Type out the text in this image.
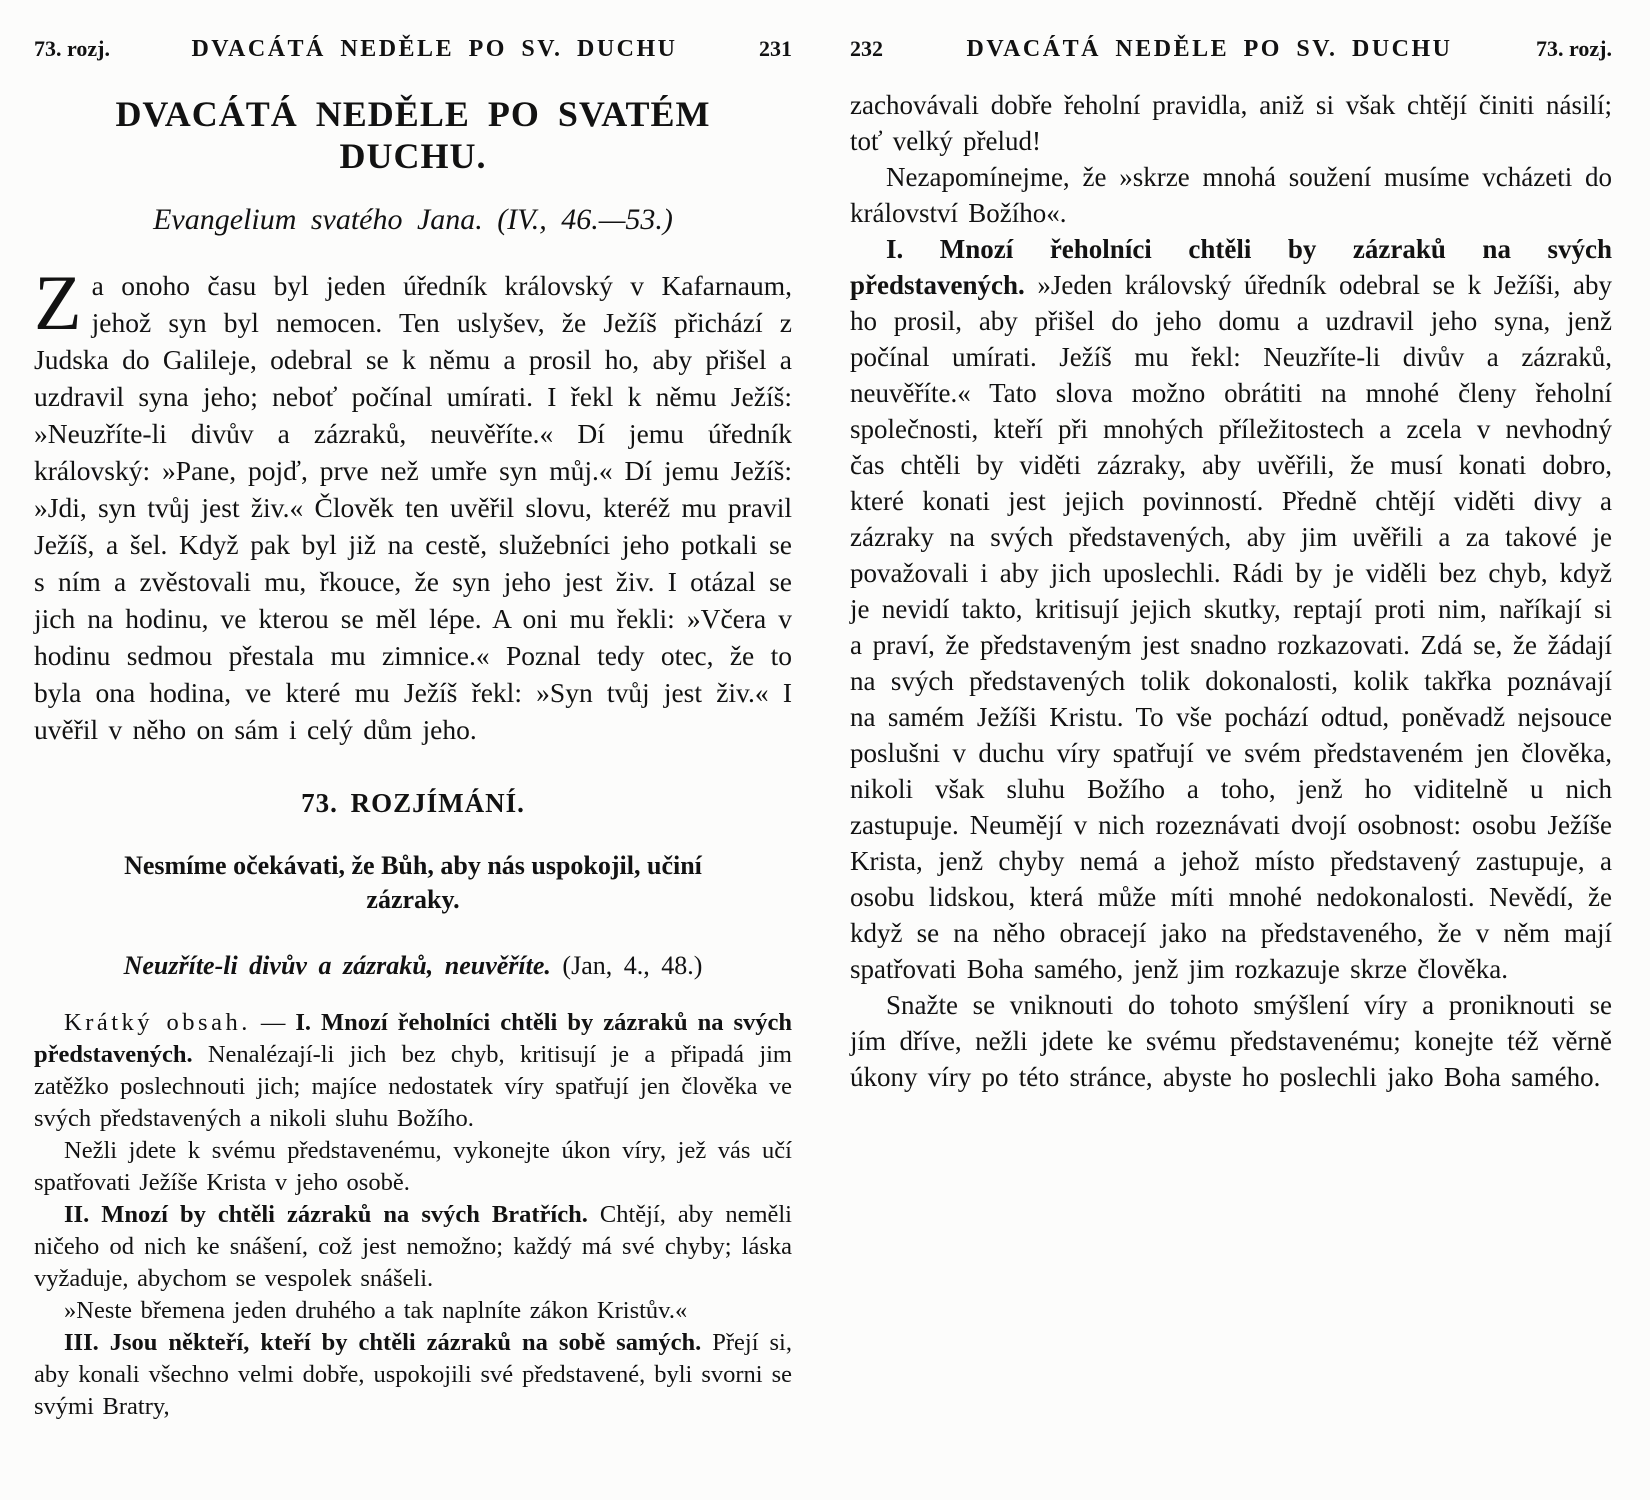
73. rozj.	DVACÁTÁ NEDĚLE PO SV. DUCHU	231
DVACÁTÁ NEDĚLE PO SVATÉM DUCHU.
Evangelium svatého Jana. (IV., 46.—53.)

Za onoho času byl jeden úředník královský v Kafarnaum, jehož syn byl nemocen. Ten uslyšev, že Ježíš přichází z Judska do Galileje, odebral se k němu a prosil ho, aby přišel a uzdravil syna jeho; neboť počínal umírati. I řekl k němu Ježíš: »Neuzříte-li divův a zázraků, neuvěříte.« Dí jemu úředník královský: »Pane, pojď, prve než umře syn můj.« Dí jemu Ježíš: »Jdi, syn tvůj jest živ.« Člověk ten uvěřil slovu, kteréž mu pravil Ježíš, a šel. Když pak byl již na cestě, služebníci jeho potkali se s ním a zvěstovali mu, řkouce, že syn jeho jest živ. I otázal se jich na hodinu, ve kterou se měl lépe. A oni mu řekli: »Včera v hodinu sedmou přestala mu zimnice.« Poznal tedy otec, že to byla ona hodina, ve které mu Ježíš řekl: »Syn tvůj jest živ.« I uvěřil v něho on sám i celý dům jeho.

73. ROZJÍMÁNÍ.
Nesmíme očekávati, že Bůh, aby nás uspokojil, učiní zázraky.
Neuzříte-li divův a zázraků, neuvěříte. (Jan, 4., 48.)

Krátký obsah. — I. Mnozí řeholníci chtěli by zázraků na svých představených. Nenalézají-li jich bez chyb, kritisují je a připadá jim zatěžko poslechnouti jich; majíce nedostatek víry spatřují jen člověka ve svých představených a nikoli sluhu Božího.

Nežli jdete k svému představenému, vykonejte úkon víry, jež vás učí spatřovati Ježíše Krista v jeho osobě.

II. Mnozí by chtěli zázraků na svých Bratřích. Chtějí, aby neměli ničeho od nich ke snášení, což jest nemožno; každý má své chyby; láska vyžaduje, abychom se vespolek snášeli.

»Neste břemena jeden druhého a tak naplníte zákon Kristův.«

III. Jsou někteří, kteří by chtěli zázraků na sobě samých. Přejí si, aby konali všechno velmi dobře, uspokojili své představené, byli svorni se svými Bratry,

232	DVACÁTÁ NEDĚLE PO SV. DUCHU	73. rozj.

zachovávali dobře řeholní pravidla, aniž si však chtějí činiti násilí; toť velký přelud!

Nezapomínejme, že »skrze mnohá soužení musíme vcházeti do království Božího«.

I. Mnozí řeholníci chtěli by zázraků na svých představených. »Jeden královský úředník odebral se k Ježíši, aby ho prosil, aby přišel do jeho domu a uzdravil jeho syna, jenž počínal umírati. Ježíš mu řekl: Neuzříte-li divův a zázraků, neuvěříte.« Tato slova možno obrátiti na mnohé členy řeholní společnosti, kteří při mnohých příležitostech a zcela v nevhodný čas chtěli by viděti zázraky, aby uvěřili, že musí konati dobro, které konati jest jejich povinností. Předně chtějí viděti divy a zázraky na svých představených, aby jim uvěřili a za takové je považovali i aby jich uposlechli. Rádi by je viděli bez chyb, když je nevidí takto, kritisují jejich skutky, reptají proti nim, naříkají si a praví, že představeným jest snadno rozkazovati. Zdá se, že žádají na svých představených tolik dokonalosti, kolik takřka poznávají na samém Ježíši Kristu. To vše pochází odtud, poněvadž nejsouce poslušni v duchu víry spatřují ve svém představeném jen člověka, nikoli však sluhu Božího a toho, jenž ho viditelně u nich zastupuje. Neumějí v nich rozeznávati dvojí osobnost: osobu Ježíše Krista, jenž chyby nemá a jehož místo představený zastupuje, a osobu lidskou, která může míti mnohé nedokonalosti. Nevědí, že když se na něho obracejí jako na představeného, že v něm mají spatřovati Boha samého, jenž jim rozkazuje skrze člověka.

Snažte se vniknouti do tohoto smýšlení víry a proniknouti se jím dříve, nežli jdete ke svému představenému; konejte též věrně úkony víry po této stránce, abyste ho poslechli jako Boha samého.
